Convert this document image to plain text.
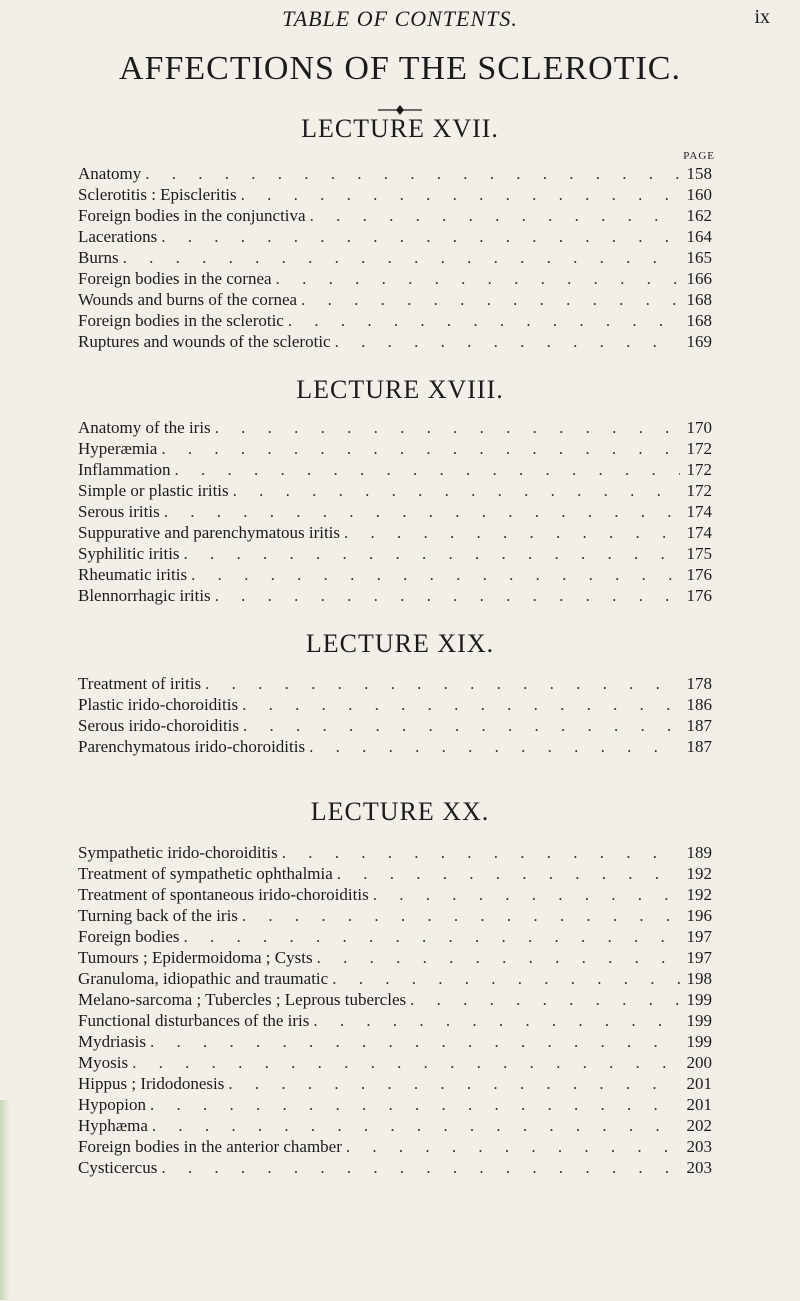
TABLE OF CONTENTS.	ix
AFFECTIONS OF THE SCLEROTIC.
PAGE
LECTURE XVII.
Anatomy . . .	158
Sclerotitis : Episcleritis . . .	160
Foreign bodies in the conjunctiva . . .	162
Lacerations . . .	164
Burns . . .	165
Foreign bodies in the cornea . . .	166
Wounds and burns of the cornea . . .	168
Foreign bodies in the sclerotic . . .	168
Ruptures and wounds of the sclerotic . . .	169
LECTURE XVIII.
Anatomy of the iris . . .	170
Hyperæmia . . .	172
Inflammation . . .	172
Simple or plastic iritis . . .	172
Serous iritis . . .	174
Suppurative and parenchymatous iritis . . .	174
Syphilitic iritis . . .	175
Rheumatic iritis . . .	176
Blennorrhagic iritis . . .	176
LECTURE XIX.
Treatment of iritis . . .	178
Plastic irido-choroiditis . . .	186
Serous irido-choroiditis . . .	187
Parenchymatous irido-choroiditis . . .	187
LECTURE XX.
Sympathetic irido-choroiditis . . .	189
Treatment of sympathetic ophthalmia . . .	192
Treatment of spontaneous irido-choroiditis . . .	192
Turning back of the iris . . .	196
Foreign bodies . . .	197
Tumours ; Epidermoidoma ; Cysts . . .	197
Granuloma, idiopathic and traumatic . . .	198
Melano-sarcoma ; Tubercles ; Leprous tubercles . . .	199
Functional disturbances of the iris . . .	199
Mydriasis . . .	199
Myosis . . .	200
Hippus ; Iridodonesis . . .	201
Hypopion . . .	201
Hyphæma . . .	202
Foreign bodies in the anterior chamber . . .	203
Cysticercus . . .	203
